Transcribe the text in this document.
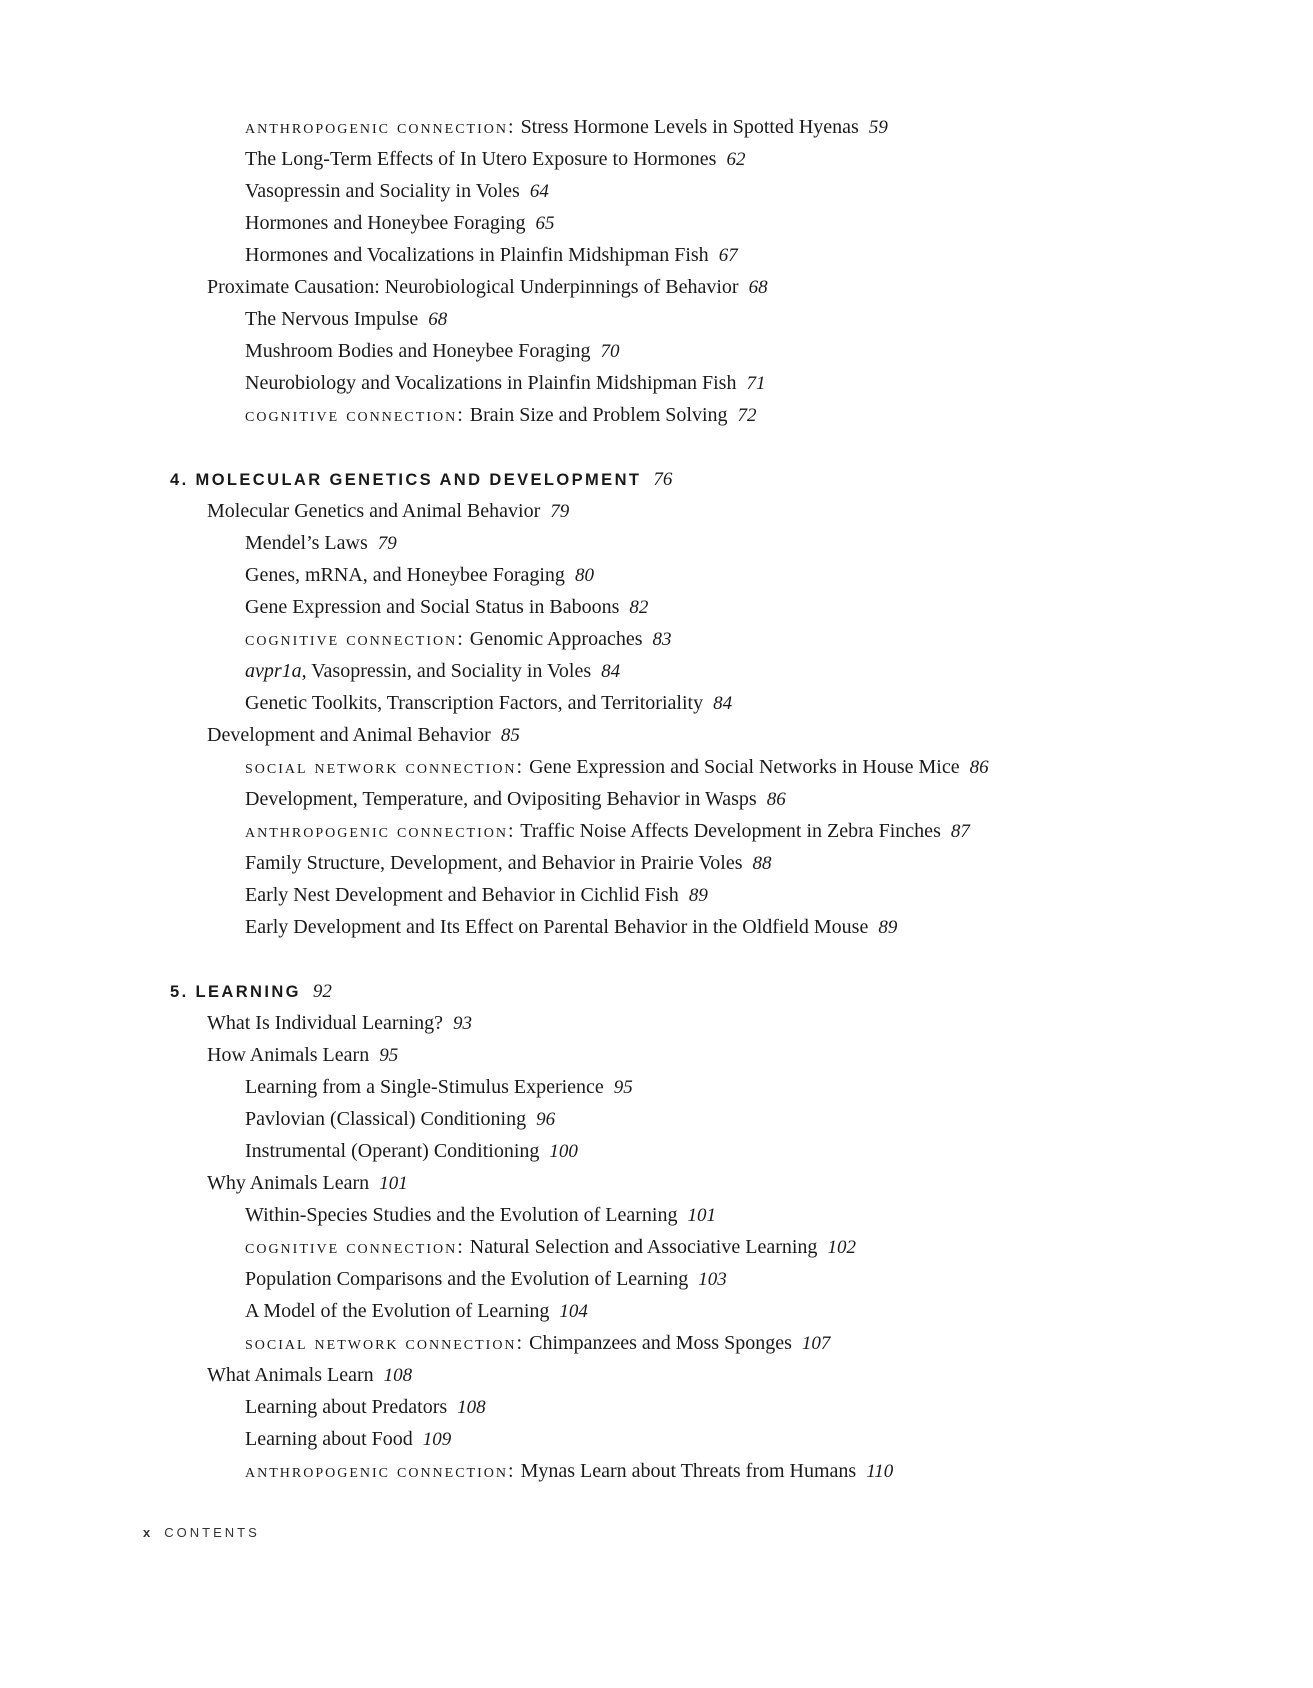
anthropogenic connection: Stress Hormone Levels in Spotted Hyenas 59
The Long-Term Effects of In Utero Exposure to Hormones 62
Vasopressin and Sociality in Voles 64
Hormones and Honeybee Foraging 65
Hormones and Vocalizations in Plainfin Midshipman Fish 67
Proximate Causation: Neurobiological Underpinnings of Behavior 68
The Nervous Impulse 68
Mushroom Bodies and Honeybee Foraging 70
Neurobiology and Vocalizations in Plainfin Midshipman Fish 71
cognitive connection: Brain Size and Problem Solving 72
4. MOLECULAR GENETICS AND DEVELOPMENT 76
Molecular Genetics and Animal Behavior 79
Mendel’s Laws 79
Genes, mRNA, and Honeybee Foraging 80
Gene Expression and Social Status in Baboons 82
cognitive connection: Genomic Approaches 83
avpr1a, Vasopressin, and Sociality in Voles 84
Genetic Toolkits, Transcription Factors, and Territoriality 84
Development and Animal Behavior 85
social network connection: Gene Expression and Social Networks in House Mice 86
Development, Temperature, and Ovipositing Behavior in Wasps 86
anthropogenic connection: Traffic Noise Affects Development in Zebra Finches 87
Family Structure, Development, and Behavior in Prairie Voles 88
Early Nest Development and Behavior in Cichlid Fish 89
Early Development and Its Effect on Parental Behavior in the Oldfield Mouse 89
5. LEARNING 92
What Is Individual Learning? 93
How Animals Learn 95
Learning from a Single-Stimulus Experience 95
Pavlovian (Classical) Conditioning 96
Instrumental (Operant) Conditioning 100
Why Animals Learn 101
Within-Species Studies and the Evolution of Learning 101
cognitive connection: Natural Selection and Associative Learning 102
Population Comparisons and the Evolution of Learning 103
A Model of the Evolution of Learning 104
social network connection: Chimpanzees and Moss Sponges 107
What Animals Learn 108
Learning about Predators 108
Learning about Food 109
anthropogenic connection: Mynas Learn about Threats from Humans 110
x CONTENTS
